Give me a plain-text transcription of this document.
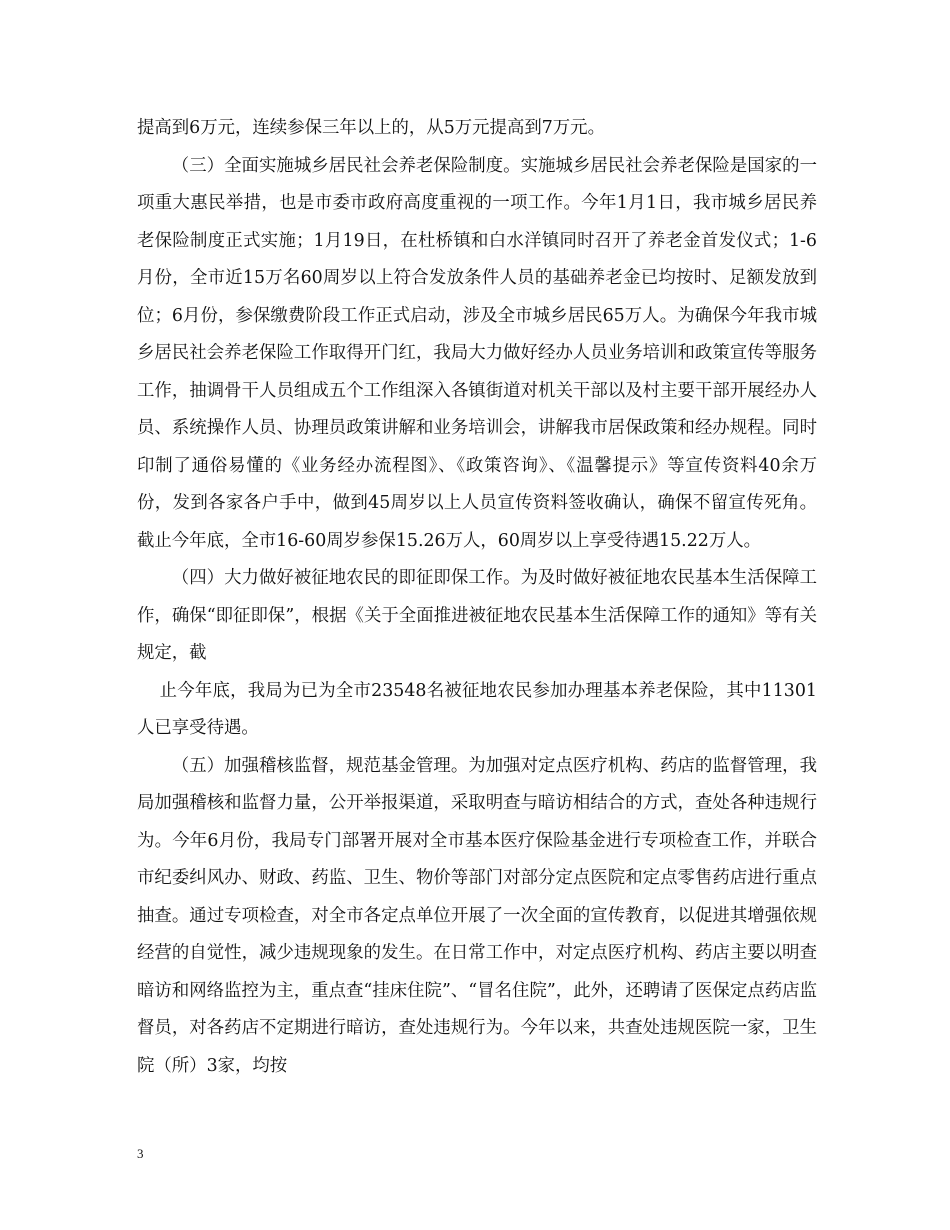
提高到6万元，连续参保三年以上的，从5万元提高到7万元。

（三）全面实施城乡居民社会养老保险制度。实施城乡居民社会养老保险是国家的一项重大惠民举措，也是市委市政府高度重视的一项工作。今年1月1日，我市城乡居民养老保险制度正式实施；1月19日，在杜桥镇和白水洋镇同时召开了养老金首发仪式；1-6月份，全市近15万名60周岁以上符合发放条件人员的基础养老金已均按时、足额发放到位；6月份，参保缴费阶段工作正式启动，涉及全市城乡居民65万人。为确保今年我市城乡居民社会养老保险工作取得开门红，我局大力做好经办人员业务培训和政策宣传等服务工作，抽调骨干人员组成五个工作组深入各镇街道对机关干部以及村主要干部开展经办人员、系统操作人员、协理员政策讲解和业务培训会，讲解我市居保政策和经办规程。同时印制了通俗易懂的《业务经办流程图》、《政策咨询》、《温馨提示》等宣传资料40余万份，发到各家各户手中，做到45周岁以上人员宣传资料签收确认，确保不留宣传死角。截止今年底，全市16-60周岁参保15.26万人，60周岁以上享受待遇15.22万人。

（四）大力做好被征地农民的即征即保工作。为及时做好被征地农民基本生活保障工作，确保“即征即保”，根据《关于全面推进被征地农民基本生活保障工作的通知》等有关规定，截

止今年底，我局为已为全市23548名被征地农民参加办理基本养老保险，其中11301人已享受待遇。

（五）加强稽核监督，规范基金管理。为加强对定点医疗机构、药店的监督管理，我局加强稽核和监督力量，公开举报渠道，采取明查与暗访相结合的方式，查处各种违规行为。今年6月份，我局专门部署开展对全市基本医疗保险基金进行专项检查工作，并联合市纪委纠风办、财政、药监、卫生、物价等部门对部分定点医院和定点零售药店进行重点抽查。通过专项检查，对全市各定点单位开展了一次全面的宣传教育，以促进其增强依规经营的自觉性，减少违规现象的发生。在日常工作中，对定点医疗机构、药店主要以明查暗访和网络监控为主，重点查“挂床住院”、“冒名住院”，此外，还聘请了医保定点药店监督员，对各药店不定期进行暗访，查处违规行为。今年以来，共查处违规医院一家，卫生院（所）3家，均按

3
